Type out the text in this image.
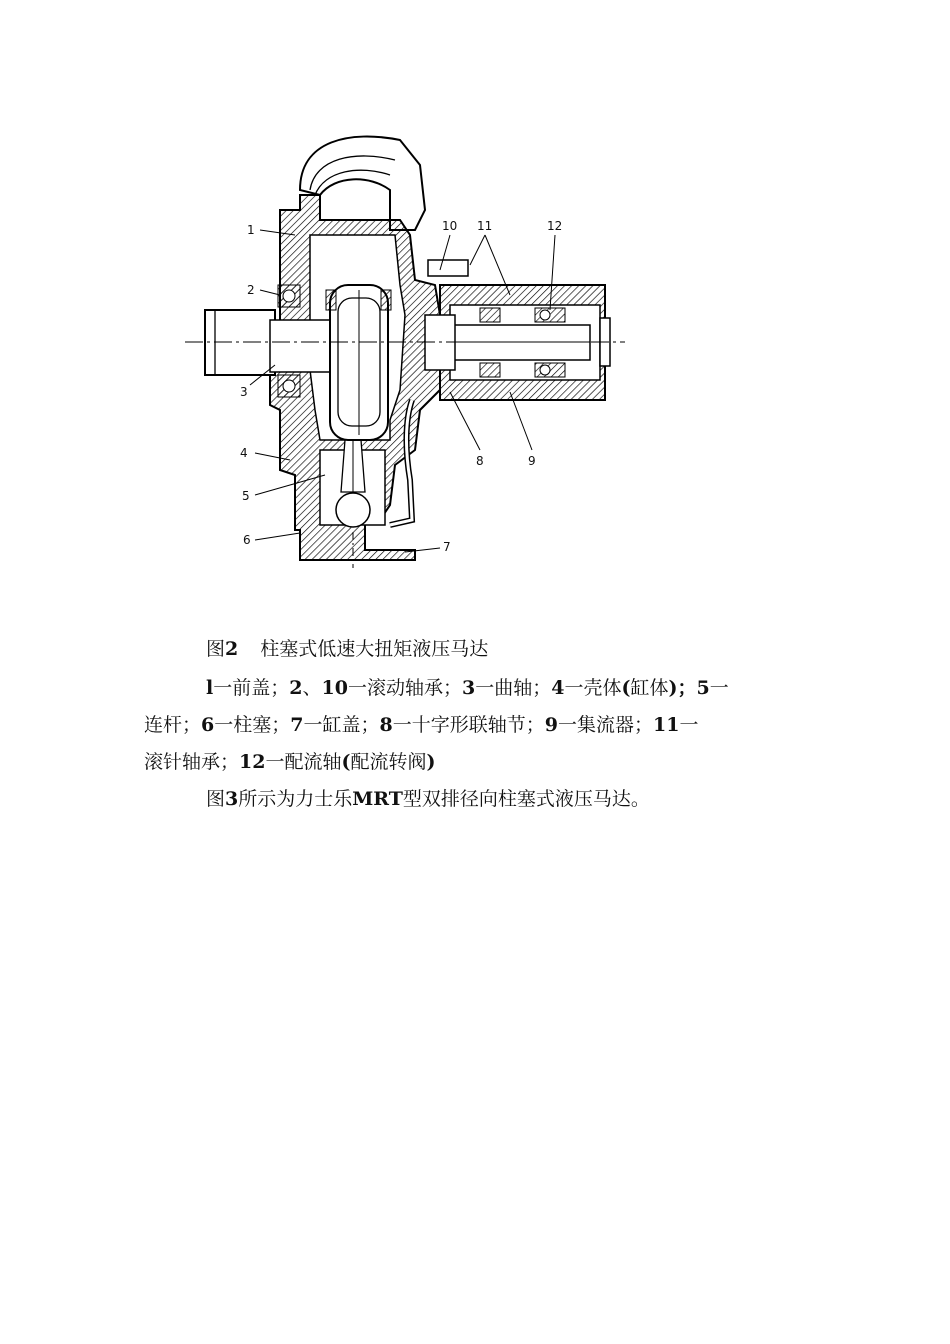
1
2
3
4
5
6	7
8	9
10 11	12
图2 柱塞式低速大扭矩液压马达
l一前盖；2、10一滚动轴承；3一曲轴；4一壳体(缸体)；5一
连杆；6一柱塞；7一缸盖；8一十字形联轴节；9一集流器；11一
滚针轴承；12一配流轴(配流转阀)
图3所示为力士乐MRT型双排径向柱塞式液压马达。
